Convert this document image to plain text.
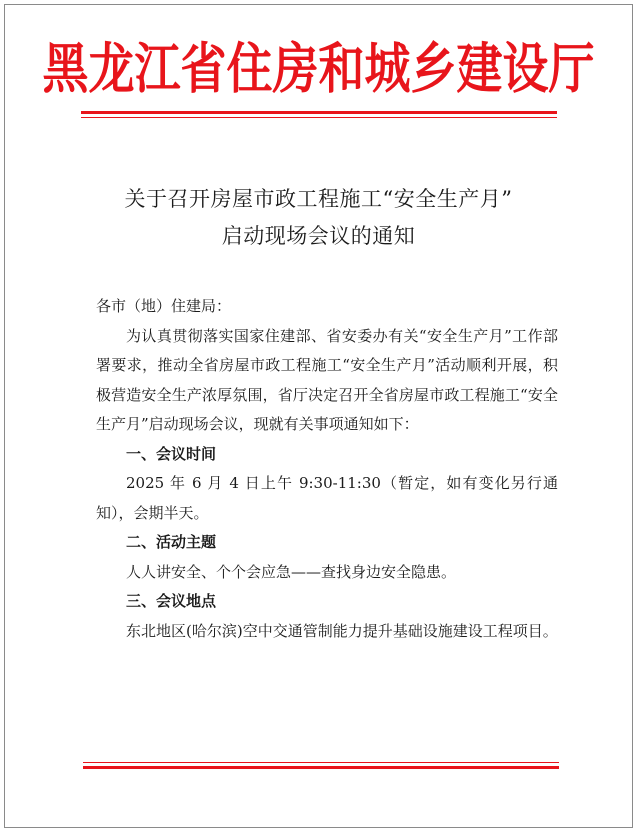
黑龙江省住房和城乡建设厅
关于召开房屋市政工程施工“安全生产月”
启动现场会议的通知

各市（地）住建局：

为认真贯彻落实国家住建部、省安委办有关“安全生产月”工作部署要求，推动全省房屋市政工程施工“安全生产月”活动顺利开展，积极营造安全生产浓厚氛围，省厅决定召开全省房屋市政工程施工“安全生产月”启动现场会议，现就有关事项通知如下：

一、会议时间

2025 年 6 月 4 日上午 9:30-11:30（暂定，如有变化另行通知），会期半天。

二、活动主题

人人讲安全、个个会应急——查找身边安全隐患。

三、会议地点

东北地区(哈尔滨)空中交通管制能力提升基础设施建设工程项目。
